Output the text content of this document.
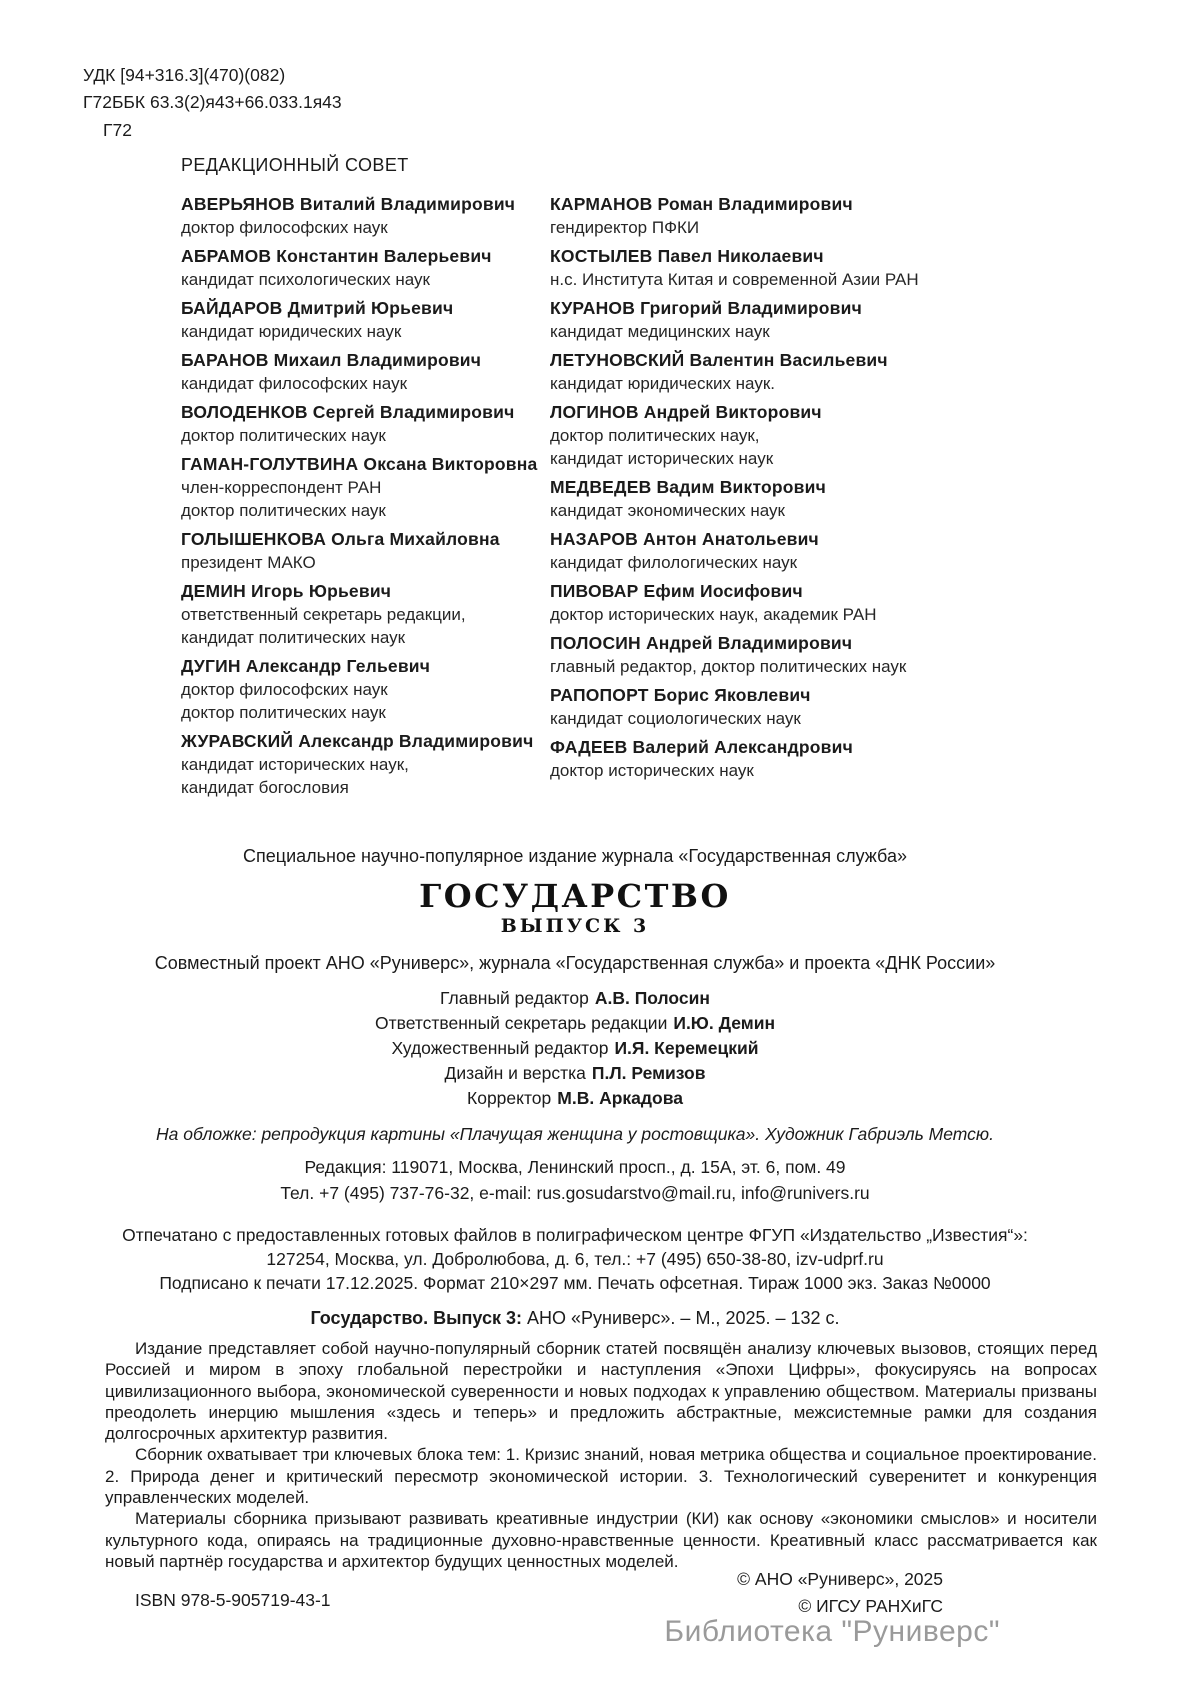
УДК [94+316.3](470)(082)
Г72ББК 63.3(2)я43+66.033.1я43
Г72
РЕДАКЦИОННЫЙ СОВЕТ
АВЕРЬЯНОВ Виталий Владимирович
доктор философских наук
АБРАМОВ Константин Валерьевич
кандидат психологических наук
БАЙДАРОВ Дмитрий Юрьевич
кандидат юридических наук
БАРАНОВ Михаил Владимирович
кандидат философских наук
ВОЛОДЕНКОВ Сергей Владимирович
доктор политических наук
ГАМАН-ГОЛУТВИНА Оксана Викторовна
член-корреспондент РАН
доктор политических наук
ГОЛЫШЕНКОВА Ольга Михайловна
президент МАКО
ДЕМИН Игорь Юрьевич
ответственный секретарь редакции,
кандидат политических наук
ДУГИН Александр Гельевич
доктор философских наук
доктор политических наук
ЖУРАВСКИЙ Александр Владимирович
кандидат исторических наук,
кандидат богословия
КАРМАНОВ Роман Владимирович
гендиректор ПФКИ
КОСТЫЛЕВ Павел Николаевич
н.с. Института Китая и современной Азии РАН
КУРАНОВ Григорий Владимирович
кандидат медицинских наук
ЛЕТУНОВСКИЙ Валентин Васильевич
кандидат юридических наук.
ЛОГИНОВ Андрей Викторович
доктор политических наук,
кандидат исторических наук
МЕДВЕДЕВ Вадим Викторович
кандидат экономических наук
НАЗАРОВ Антон Анатольевич
кандидат филологических наук
ПИВОВАР Ефим Иосифович
доктор исторических наук, академик РАН
ПОЛОСИН Андрей Владимирович
главный редактор, доктор политических наук
РАПОПОРТ Борис Яковлевич
кандидат социологических наук
ФАДЕЕВ Валерий Александрович
доктор исторических наук
Специальное научно-популярное издание журнала «Государственная служба»
ГОСУДАРСТВО
ВЫПУСК 3
Совместный проект АНО «Руниверс», журнала «Государственная служба» и проекта «ДНК России»
Главный редактор А.В. Полосин
Ответственный секретарь редакции И.Ю. Демин
Художественный редактор И.Я. Керемецкий
Дизайн и верстка П.Л. Ремизов
Корректор М.В. Аркадова
На обложке: репродукция картины «Плачущая женщина у ростовщика». Художник Габриэль Метсю.
Редакция: 119071, Москва, Ленинский просп., д. 15А, эт. 6, пом. 49
Тел. +7 (495) 737-76-32, e-mail: rus.gosudarstvo@mail.ru, info@runivers.ru
Отпечатано с предоставленных готовых файлов в полиграфическом центре ФГУП «Издательство „Известия“»:
127254, Москва, ул. Добролюбова, д. 6, тел.: +7 (495) 650-38-80, izv-udprf.ru
Подписано к печати 17.12.2025. Формат 210×297 мм. Печать офсетная. Тираж 1000 экз. Заказ №0000
Государство. Выпуск 3: АНО «Руниверс». – М., 2025. – 132 с.

Издание представляет собой научно-популярный сборник статей посвящён анализу ключевых вызовов, стоящих перед Россией и миром в эпоху глобальной перестройки и наступления «Эпохи Цифры», фокусируясь на вопросах цивилизационного выбора, экономической суверенности и новых подходах к управлению обществом. Материалы призваны преодолеть инерцию мышления «здесь и теперь» и предложить абстрактные, межсистемные рамки для создания долгосрочных архитектур развития.

Сборник охватывает три ключевых блока тем: 1. Кризис знаний, новая метрика общества и социальное проектирование. 2. Природа денег и критический пересмотр экономической истории. 3. Технологический суверенитет и конкуренция управленческих моделей.

Материалы сборника призывают развивать креативные индустрии (КИ) как основу «экономики смыслов» и носители культурного кода, опираясь на традиционные духовно-нравственные ценности. Креативный класс рассматривается как новый партнёр государства и архитектор будущих ценностных моделей.

ISBN 978-5-905719-43-1
© АНО «Руниверс», 2025
© ИГСУ РАНХиГС
Библиотека "Руниверс"
